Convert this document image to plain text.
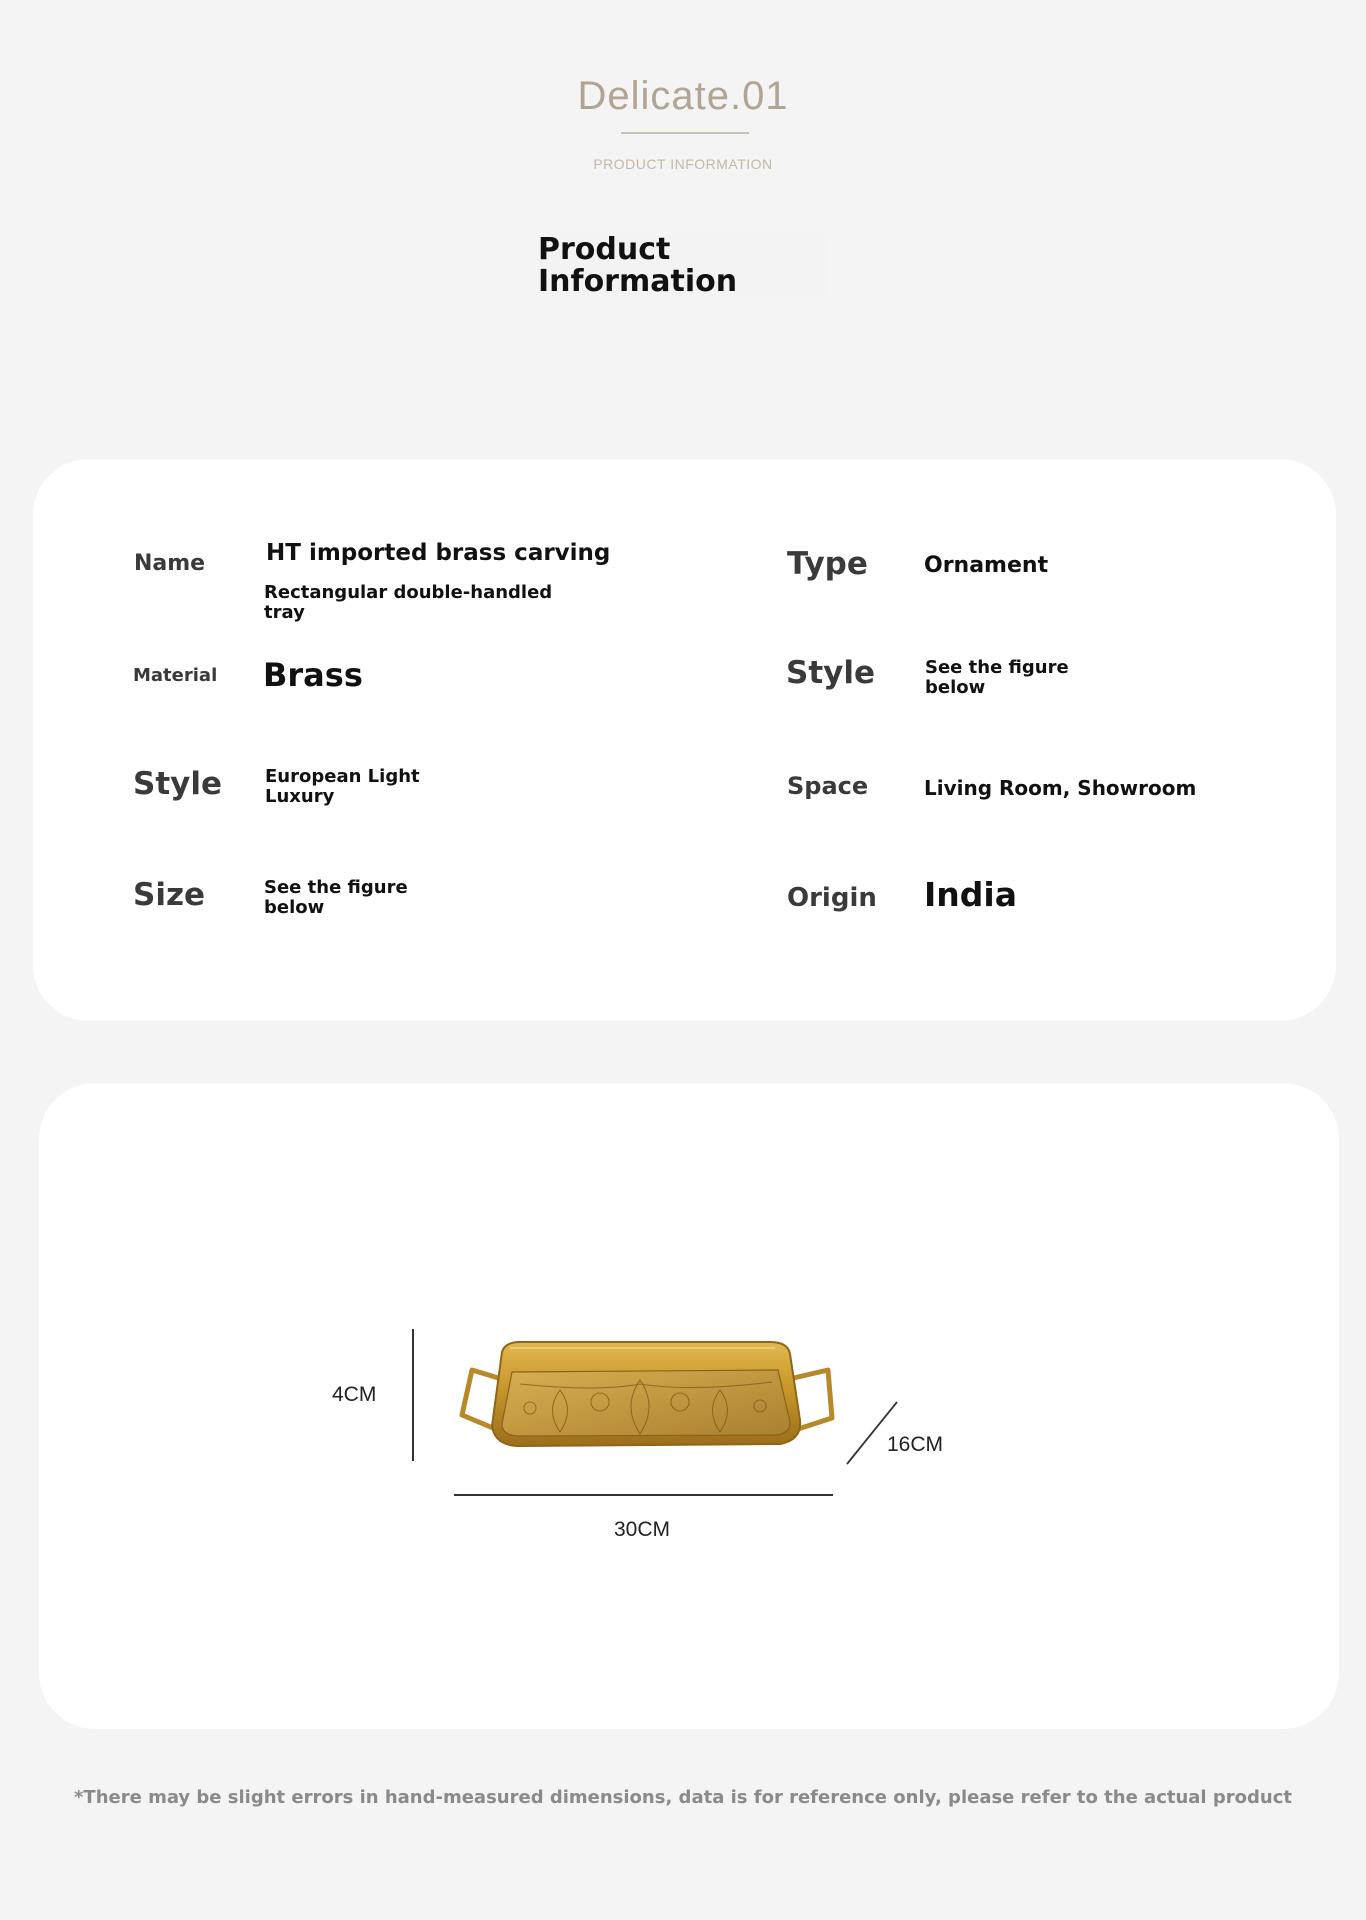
Delicate.01
PRODUCT INFORMATION
Product Information
Name	HT imported brass carving
Rectangular double-handled tray
Type	Ornament
Material Brass	Style	See the figure below
Style European Light Luxury	Space	Living Room, Showroom
Size	See the figure below	Origin India
4CM
30CM
16CM
*There may be slight errors in hand-measured dimensions, data is for reference only, please refer to the actual product
